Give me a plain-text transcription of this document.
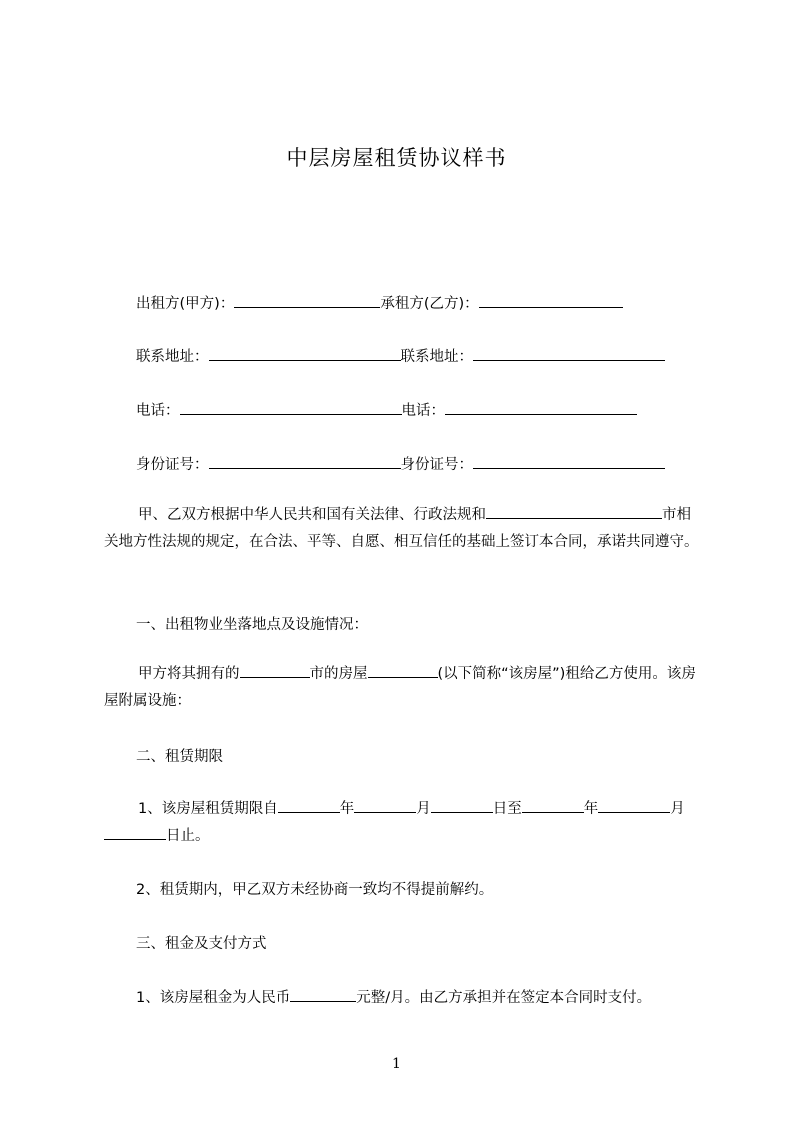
中层房屋租赁协议样书
出租方(甲方)：	承租方(乙方)：
联系地址：	联系地址：
电话：	电话：
身份证号：	身份证号：
甲、乙双方根据中华人民共和国有关法律、行政法规和	市相关地方性法规的规定，在合法、平等、自愿、相互信任的基础上签订本合同，承诺共同遵守。
一、出租物业坐落地点及设施情况：
甲方将其拥有的	市的房屋	(以下简称“该房屋”)租给乙方使用。该房屋附属设施：
二、租赁期限
1、该房屋租赁期限自	年	月	日至	年	月日止。
2、租赁期内，甲乙双方未经协商一致均不得提前解约。
三、租金及支付方式
1、该房屋租金为人民币	元整/月。由乙方承担并在签定本合同时支付。
1
